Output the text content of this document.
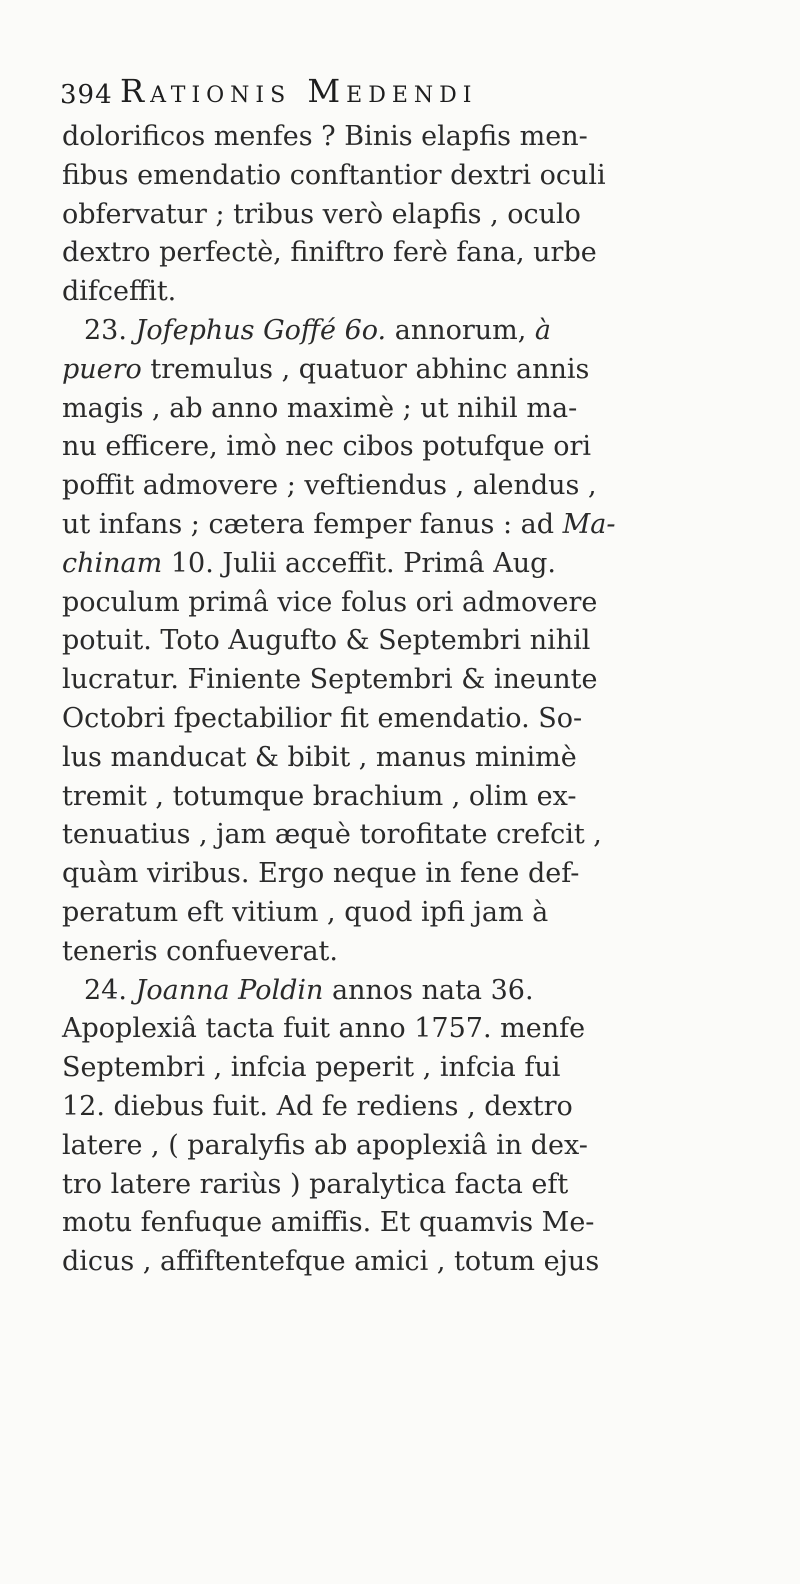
394 Rationis Medendi
dolorificos menfes ? Binis elapfis men-
fibus emendatio conftantior dextri oculi
obfervatur ; tribus verò elapfis , oculo
dextro perfectè, finiftro ferè fana, urbe
difceffit.
23. Jofephus Goffé 6o. annorum, à
puero tremulus , quatuor abhinc annis
magis , ab anno maximè ; ut nihil ma-
nu efficere, imò nec cibos potufque ori
poffit admovere ; veftiendus , alendus ,
ut infans ; cætera femper fanus : ad Ma-
chinam 10. Julii acceffit. Primâ Aug.
poculum primâ vice folus ori admovere
potuit. Toto Augufto & Septembri nihil
lucratur. Finiente Septembri & ineunte
Octobri fpectabilior fit emendatio. So-
lus manducat & bibit , manus minimè
tremit , totumque brachium , olim ex-
tenuatius , jam æquè torofitate crefcit ,
quàm viribus. Ergo neque in fene def-
peratum eft vitium , quod ipfi jam à
teneris confueverat.
24. Joanna Poldin annos nata 36.
Apoplexiâ tacta fuit anno 1757. menfe
Septembri , infcia peperit , infcia fui
12. diebus fuit. Ad fe rediens , dextro
latere , ( paralyfis ab apoplexiâ in dex-
tro latere rariùs ) paralytica facta eft
motu fenfuque amiffis. Et quamvis Me-
dicus , affiftentefque amici , totum ejus
